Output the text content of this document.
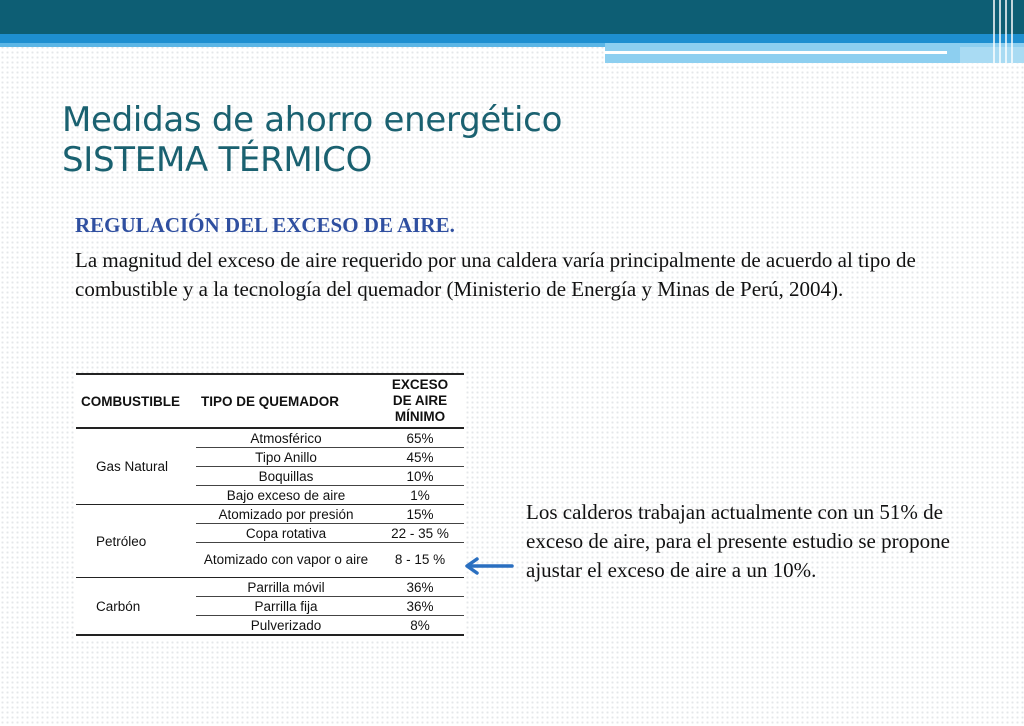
Medidas de ahorro energético
SISTEMA TÉRMICO
REGULACIÓN DEL EXCESO DE AIRE.
La magnitud del exceso de aire requerido por una caldera varía principalmente de acuerdo al tipo de combustible y a la tecnología del quemador (Ministerio de Energía y Minas de Perú, 2004).
COMBUSTIBLE	TIPO DE QUEMADOR	EXCESO DE AIRE MÍNIMO
Gas Natural	Atmosférico	65%
	Tipo Anillo	45%
	Boquillas	10%
	Bajo exceso de aire	1%
Petróleo	Atomizado por presión	15%
	Copa rotativa	22 - 35 %
	Atomizado con vapor o aire	8 - 15 %
Carbón	Parrilla móvil	36%
	Parrilla fija	36%
	Pulverizado	8%
Los calderos trabajan actualmente con un 51% de exceso de aire, para el presente estudio se propone ajustar el exceso de aire a un 10%.
